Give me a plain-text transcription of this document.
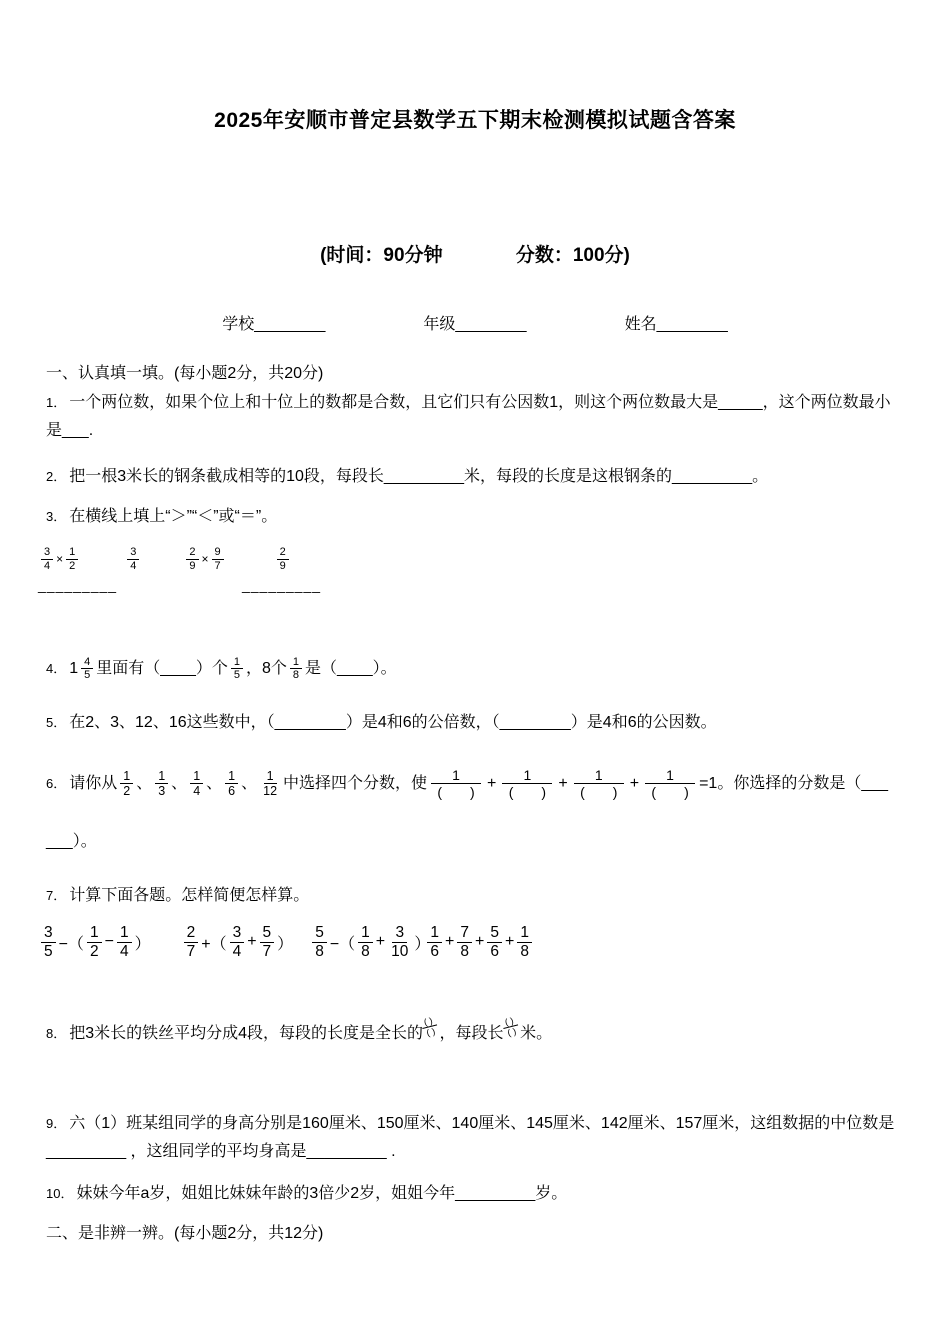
2025年安顺市普定县数学五下期末检测模拟试题含答案
(时间：90分钟	分数：100分)
学校________	年级________	姓名________

一、认真填一填。(每小题2分，共20分)

1． 一个两位数，如果个位上和十位上的数都是合数，且它们只有公因数1，则这个两位数最大是_____，这个两位数最小是___.

2． 把一根3米长的钢条截成相等的10段，每段长_________米，每段的长度是这根钢条的_________。

3． 在横线上填上“＞”“＜”或“＝”。

$\frac{3}{4} \times \frac{1}{2}$	$\frac{3}{4}$	$\frac{2}{9} \times \frac{9}{7}$	$\frac{2}{9}$
_________	_________

4． $1 \frac{4}{5}$ 里面有（____）个 $\frac{1}{5}$ ，8个 $\frac{1}{8}$ 是（____）。

5． 在2、3、12、16这些数中，（________）是4和6的公倍数，（________）是4和6的公因数。

6． 请你从 $\frac{1}{2}$ 、 $\frac{1}{3}$ 、 $\frac{1}{4}$ 、 $\frac{1}{6}$ 、 $\frac{1}{12}$ 中选择四个分数，使 $\frac{1}{( )} + \frac{1}{( )} + \frac{1}{( )} + \frac{1}{( )} =1$。你选择的分数是（___

___）。

7． 计算下面各题。怎样简便怎样算。

$\frac{3}{5}$ −（ $\frac{1}{2} - \frac{1}{4}$ ） $\frac{2}{7}$ +（ $\frac{3}{4} + \frac{5}{7}$ ） $\frac{5}{8}$ −（ $\frac{1}{8} + \frac{3}{10}$ ）
$\frac{1}{6} + \frac{7}{8} + \frac{5}{6} + \frac{1}{8}$

8． 把3米长的铁丝平均分成4段，每段的长度是全长的
( )
( ) ，每段长
( )
( ) 米。

9． 六（1）班某组同学的身高分别是160厘米、150厘米、140厘米、145厘米、142厘米、157厘米，这组数据的中位数是_________ ，这组同学的平均身高是_________ .

10． 妹妹今年a岁，姐姐比妹妹年龄的3倍少2岁，姐姐今年_________岁。

二、是非辨一辨。(每小题2分，共12分)
